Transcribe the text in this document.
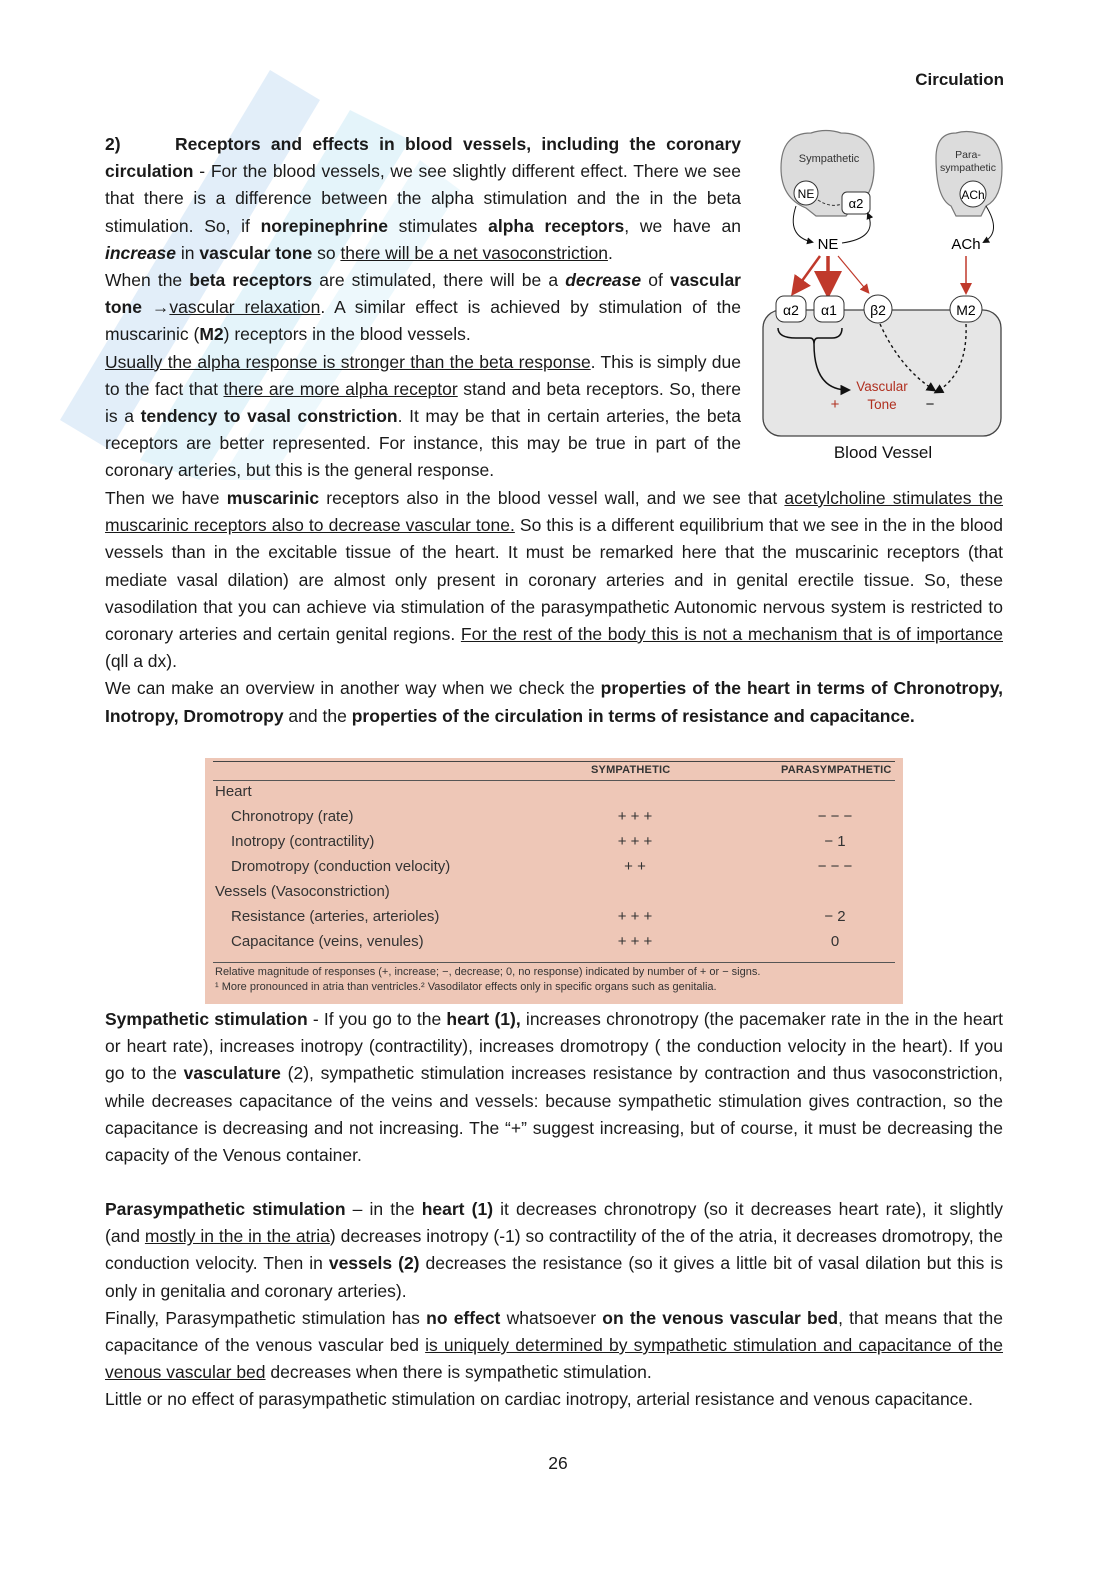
Circulation

2)	Receptors and effects in blood vessels, including the coronary circulation - For the blood vessels, we see slightly different effect. There we see that there is a difference between the alpha stimulation and the in the beta stimulation. So, if norepinephrine stimulates alpha receptors, we have an increase in vascular tone so there will be a net vasoconstriction.

When the beta receptors are stimulated, there will be a decrease of vascular tone →vascular relaxation. A similar effect is achieved by stimulation of the muscarinic (M2) receptors in the blood vessels.

Usually the alpha response is stronger than the beta response. This is simply due to the fact that there are more alpha receptor stand and beta receptors. So, there is a tendency to vasal constriction. It may be that in certain arteries, the beta receptors are better represented. For instance, this may be true in part of the coronary arteries, but this is the general response.

Sympathetic
NE
α2
Para-
sympathetic
ACh
NE	ACh
α2 α1 β2	M2
Vascular
Tone
+	−
Blood Vessel

Then we have muscarinic receptors also in the blood vessel wall, and we see that acetylcholine stimulates the muscarinic receptors also to decrease vascular tone. So this is a different equilibrium that we see in the in the blood vessels than in the excitable tissue of the heart. It must be remarked here that the muscarinic receptors (that mediate vasal dilation) are almost only present in coronary arteries and in genital erectile tissue. So, these vasodilation that you can achieve via stimulation of the parasympathetic Autonomic nervous system is restricted to coronary arteries and certain genital regions. For the rest of the body this is not a mechanism that is of importance (qll a dx).

We can make an overview in another way when we check the properties of the heart in terms of Chronotropy, Inotropy, Dromotropy and the properties of the circulation in terms of resistance and capacitance.

SYMPATHETIC	PARASYMPATHETIC
Heart
Chronotropy (rate)	+ + +	− − −
Inotropy (contractility)	+ + +	− 1
Dromotropy (conduction velocity)	+ +	− − −
Vessels (Vasoconstriction)
Resistance (arteries, arterioles)	+ + +	− 2
Capacitance (veins, venules)	+ + +	0
Relative magnitude of responses (+, increase; −, decrease; 0, no response) indicated by number of + or − signs.
¹ More pronounced in atria than ventricles.² Vasodilator effects only in specific organs such as genitalia.

Sympathetic stimulation - If you go to the heart (1), increases chronotropy (the pacemaker rate in the in the heart or heart rate), increases inotropy (contractility), increases dromotropy ( the conduction velocity in the heart). If you go to the vasculature (2), sympathetic stimulation increases resistance by contraction and thus vasoconstriction, while decreases capacitance of the veins and vessels: because sympathetic stimulation gives contraction, so the capacitance is decreasing and not increasing. The “+” suggest increasing, but of course, it must be decreasing the capacity of the Venous container.

Parasympathetic stimulation – in the heart (1) it decreases chronotropy (so it decreases heart rate), it slightly (and mostly in the in the atria) decreases inotropy (-1) so contractility of the of the atria, it decreases dromotropy, the conduction velocity. Then in vessels (2) decreases the resistance (so it gives a little bit of vasal dilation but this is only in genitalia and coronary arteries).

Finally, Parasympathetic stimulation has no effect whatsoever on the venous vascular bed, that means that the capacitance of the venous vascular bed is uniquely determined by sympathetic stimulation and capacitance of the venous vascular bed decreases when there is sympathetic stimulation.

Little or no effect of parasympathetic stimulation on cardiac inotropy, arterial resistance and venous capacitance.

26
